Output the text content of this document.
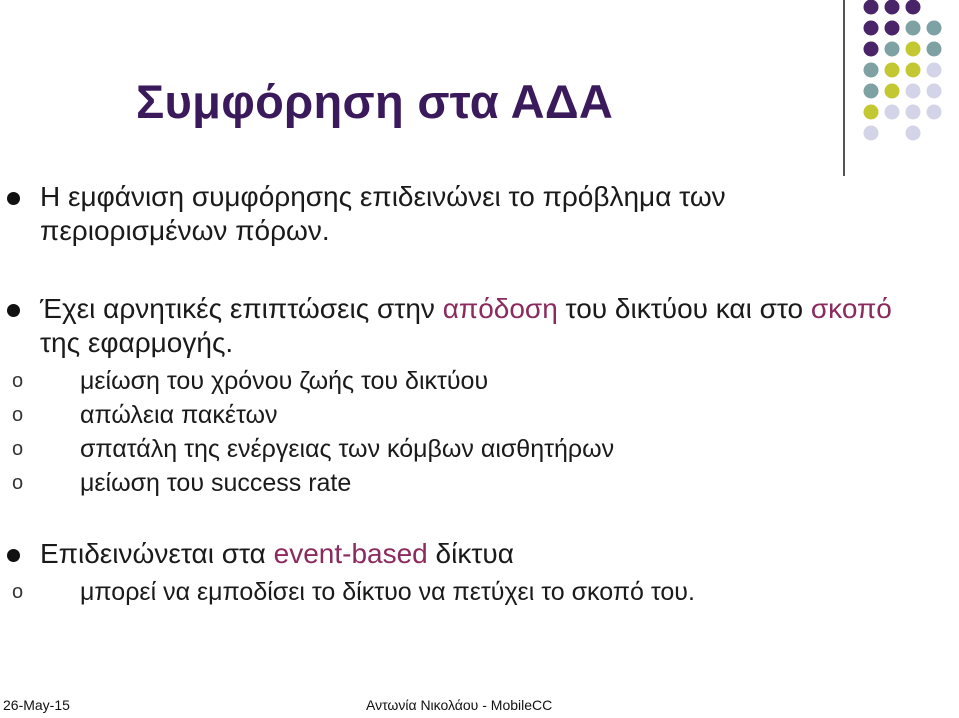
Συμφόρηση στα ΑΔΑ
Η εμφάνιση συμφόρησης επιδεινώνει το πρόβλημα των περιορισμένων πόρων.
Έχει αρνητικές επιπτώσεις στην απόδοση του δικτύου και στο σκοπό της εφαρμογής.
o μείωση του χρόνου ζωής του δικτύου
o απώλεια πακέτων
o σπατάλη της ενέργειας των κόμβων αισθητήρων
o μείωση του success rate
Επιδεινώνεται στα event-based δίκτυα
o μπορεί να εμποδίσει το δίκτυο να πετύχει το σκοπό του.
26-May-15	Αντωνία Νικολάου - MobileCC
